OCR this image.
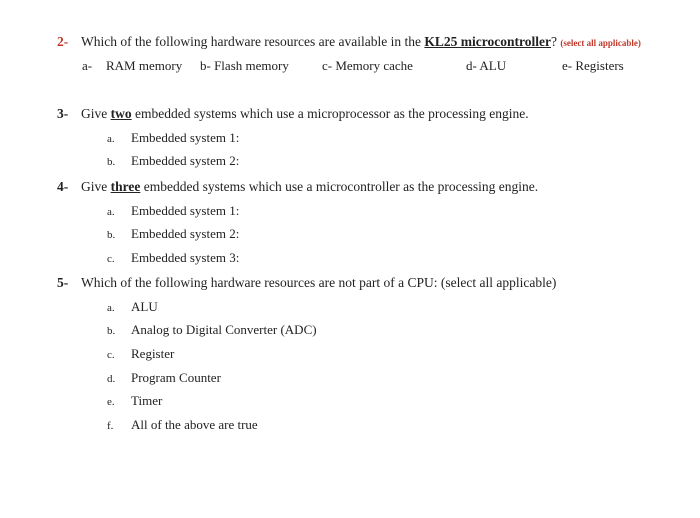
2- Which of the following hardware resources are available in the KL25 microcontroller? (select all applicable)
a- RAM memory b- Flash memory	c- Memory cache	d- ALU	e- Registers
3- Give two embedded systems which use a microprocessor as the processing engine.
a. Embedded system 1:
b. Embedded system 2:
4- Give three embedded systems which use a microcontroller as the processing engine.
a. Embedded system 1:
b. Embedded system 2:
c. Embedded system 3:
5- Which of the following hardware resources are not part of a CPU: (select all applicable)
a. ALU
b. Analog to Digital Converter (ADC)
c. Register
d. Program Counter
e. Timer
f. All of the above are true
